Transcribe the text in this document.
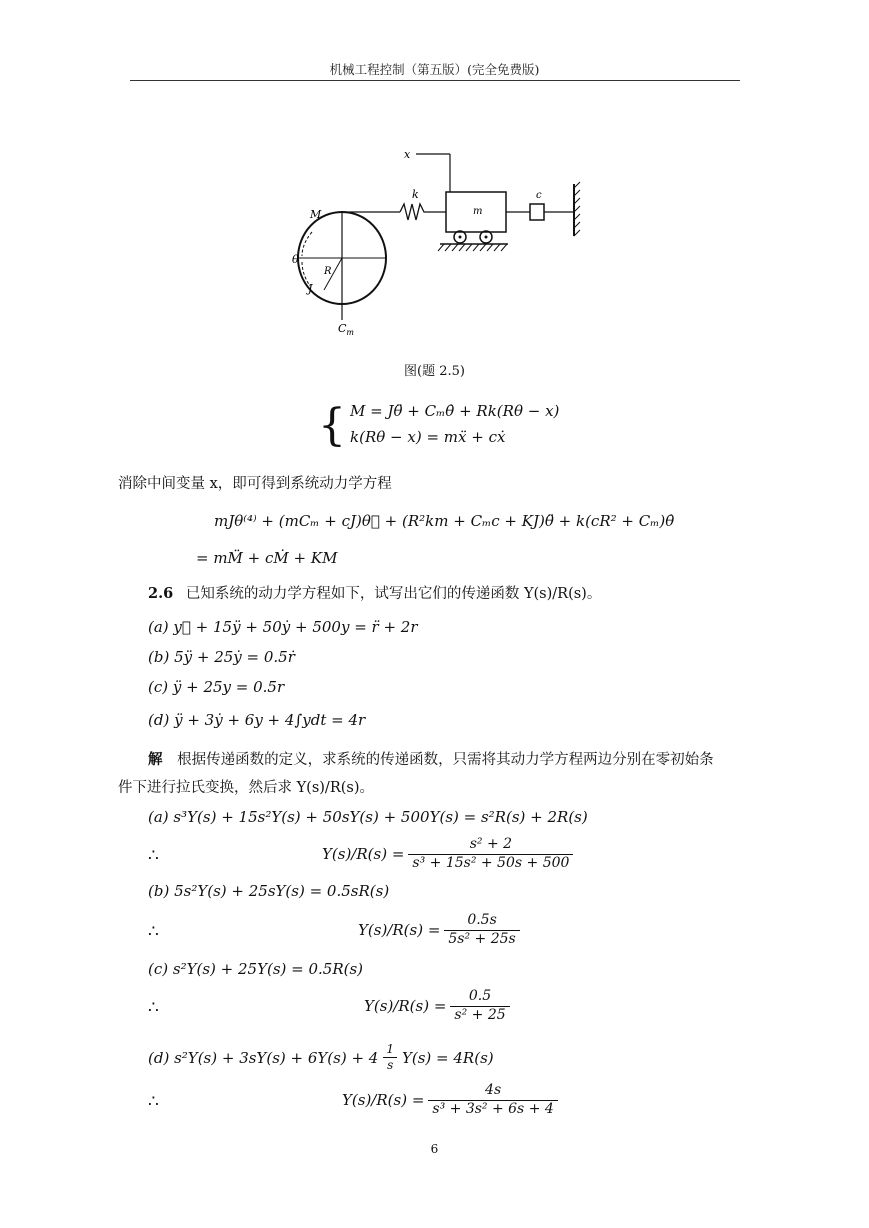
机械工程控制（第五版）(完全免费版)
x
k
m
c
M
θ
R
J
$C_m$
图(题 2.5)
{ M = Jθ̈ + Cₘθ̇ + Rk(Rθ − x)
k(Rθ − x) = mẍ + cẋ
消除中间变量 x，即可得到系统动力学方程
mJθ⁽⁴⁾ + (mCₘ + cJ)θ⃛ + (R²km + Cₘc + KJ)θ̈ + k(cR² + Cₘ)θ̇
= mM̈ + cṀ + KM
2.6 已知系统的动力学方程如下，试写出它们的传递函数 Y(s)/R(s)。
(a) y⃛ + 15ÿ + 50ẏ + 500y = r̈ + 2r
(b) 5ÿ + 25ẏ = 0.5ṙ
(c) ÿ + 25y = 0.5r
(d) ÿ + 3ẏ + 6y + 4∫ydt = 4r
解 根据传递函数的定义，求系统的传递函数，只需将其动力学方程两边分别在零初始条
件下进行拉氏变换，然后求 Y(s)/R(s)。
(a) s³Y(s) + 15s²Y(s) + 50sY(s) + 500Y(s) = s²R(s) + 2R(s)
∴	$Y(s)/R(s) = \frac{\text{s² + 2}}{\text{s³ + 15s² + 50s + 500}}$
(b) 5s²Y(s) + 25sY(s) = 0.5sR(s)
∴	$Y(s)/R(s) = \frac{0.5s}{\text{5s² + 25s}}$
(c) s²Y(s) + 25Y(s) = 0.5R(s)
∴	$Y(s)/R(s) = \frac{0.5}{\text{s² + 25}}$
(d) $s^2Y(s) + 3sY(s) + 6Y(s) + 4 \frac{1}{s} Y(s) = 4R(s)$
∴	$Y(s)/R(s) = \frac{4s}{\text{s³ + 3s² + 6s + 4}}$
6
